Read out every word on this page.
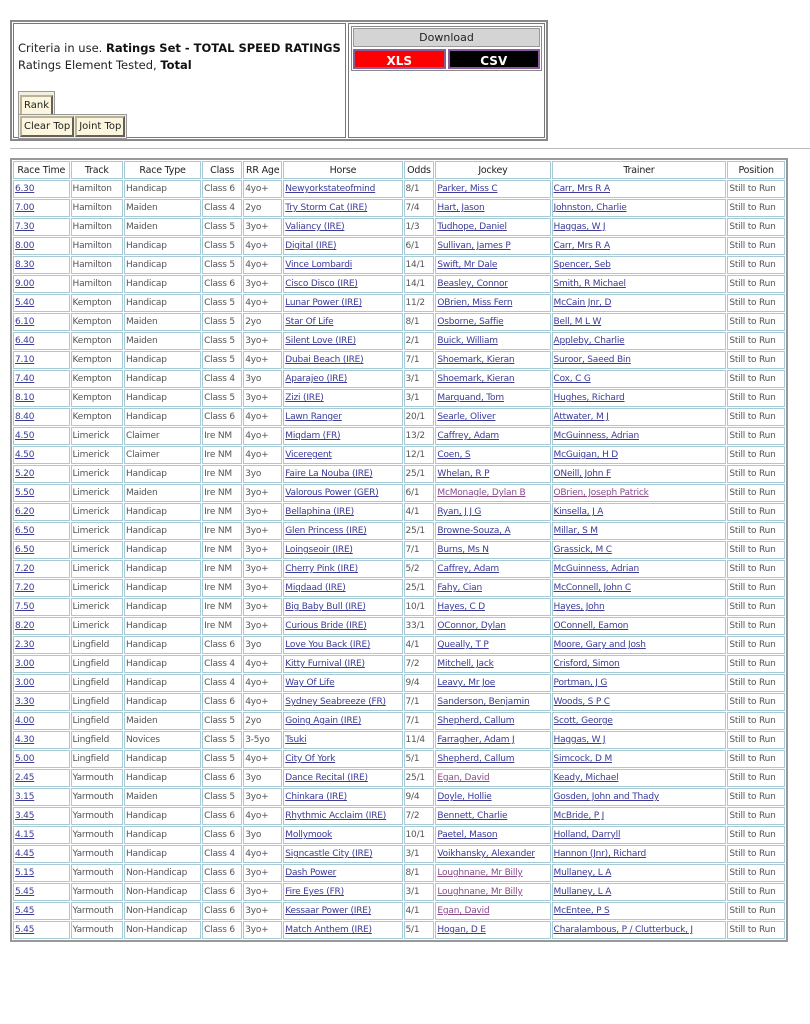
Criteria in use. Ratings Set - TOTAL SPEED RATINGS
Ratings Element Tested, Total
Rank
Clear Top Joint Top
Download
XLS	CSV
Race Time	Track	Race Type	Class	RR Age	Horse	Odds	Jockey	Trainer	Position
6.30	Hamilton	Handicap	Class 6	4yo+	Newyorkstateofmind	8/1	Parker, Miss C	Carr, Mrs R A	Still to Run
7.00	Hamilton	Maiden	Class 4	2yo	Try Storm Cat (IRE)	7/4	Hart, Jason	Johnston, Charlie	Still to Run
7.30	Hamilton	Maiden	Class 5	3yo+	Valiancy (IRE)	1/3	Tudhope, Daniel	Haggas, W J	Still to Run
8.00	Hamilton	Handicap	Class 5	4yo+	Digital (IRE)	6/1	Sullivan, James P	Carr, Mrs R A	Still to Run
8.30	Hamilton	Handicap	Class 5	4yo+	Vince Lombardi	14/1	Swift, Mr Dale	Spencer, Seb	Still to Run
9.00	Hamilton	Handicap	Class 6	3yo+	Cisco Disco (IRE)	14/1	Beasley, Connor	Smith, R Michael	Still to Run
5.40	Kempton	Handicap	Class 5	4yo+	Lunar Power (IRE)	11/2	OBrien, Miss Fern	McCain Jnr, D	Still to Run
6.10	Kempton	Maiden	Class 5	2yo	Star Of Life	8/1	Osborne, Saffie	Bell, M L W	Still to Run
6.40	Kempton	Maiden	Class 5	3yo+	Silent Love (IRE)	2/1	Buick, William	Appleby, Charlie	Still to Run
7.10	Kempton	Handicap	Class 5	4yo+	Dubai Beach (IRE)	7/1	Shoemark, Kieran	Suroor, Saeed Bin	Still to Run
7.40	Kempton	Handicap	Class 4	3yo	Aparajeo (IRE)	3/1	Shoemark, Kieran	Cox, C G	Still to Run
8.10	Kempton	Handicap	Class 5	3yo+	Zizi (IRE)	3/1	Marquand, Tom	Hughes, Richard	Still to Run
8.40	Kempton	Handicap	Class 6	4yo+	Lawn Ranger	20/1	Searle, Oliver	Attwater, M J	Still to Run
4.50	Limerick	Claimer	Ire NM	4yo+	Miqdam (FR)	13/2	Caffrey, Adam	McGuinness, Adrian	Still to Run
4.50	Limerick	Claimer	Ire NM	4yo+	Viceregent	12/1	Coen, S	McGuigan, H D	Still to Run
5.20	Limerick	Handicap	Ire NM	3yo	Faire La Nouba (IRE)	25/1	Whelan, R P	ONeill, John F	Still to Run
5.50	Limerick	Maiden	Ire NM	3yo+	Valorous Power (GER)	6/1	McMonagle, Dylan B	OBrien, Joseph Patrick	Still to Run
6.20	Limerick	Handicap	Ire NM	3yo+	Bellaphina (IRE)	4/1	Ryan, J J G	Kinsella, J A	Still to Run
6.50	Limerick	Handicap	Ire NM	3yo+	Glen Princess (IRE)	25/1	Browne-Souza, A	Millar, S M	Still to Run
6.50	Limerick	Handicap	Ire NM	3yo+	Loingseoir (IRE)	7/1	Burns, Ms N	Grassick, M C	Still to Run
7.20	Limerick	Handicap	Ire NM	3yo+	Cherry Pink (IRE)	5/2	Caffrey, Adam	McGuinness, Adrian	Still to Run
7.20	Limerick	Handicap	Ire NM	3yo+	Miqdaad (IRE)	25/1	Fahy, Cian	McConnell, John C	Still to Run
7.50	Limerick	Handicap	Ire NM	3yo+	Big Baby Bull (IRE)	10/1	Hayes, C D	Hayes, John	Still to Run
8.20	Limerick	Handicap	Ire NM	3yo+	Curious Bride (IRE)	33/1	OConnor, Dylan	OConnell, Eamon	Still to Run
2.30	Lingfield	Handicap	Class 6	3yo	Love You Back (IRE)	4/1	Queally, T P	Moore, Gary and Josh	Still to Run
3.00	Lingfield	Handicap	Class 4	4yo+	Kitty Furnival (IRE)	7/2	Mitchell, Jack	Crisford, Simon	Still to Run
3.00	Lingfield	Handicap	Class 4	4yo+	Way Of Life	9/4	Leavy, Mr Joe	Portman, J G	Still to Run
3.30	Lingfield	Handicap	Class 6	4yo+	Sydney Seabreeze (FR)	7/1	Sanderson, Benjamin	Woods, S P C	Still to Run
4.00	Lingfield	Maiden	Class 5	2yo	Going Again (IRE)	7/1	Shepherd, Callum	Scott, George	Still to Run
4.30	Lingfield	Novices	Class 5	3-5yo	Tsuki	11/4	Farragher, Adam J	Haggas, W J	Still to Run
5.00	Lingfield	Handicap	Class 5	4yo+	City Of York	5/1	Shepherd, Callum	Simcock, D M	Still to Run
2.45	Yarmouth	Handicap	Class 6	3yo	Dance Recital (IRE)	25/1	Egan, David	Keady, Michael	Still to Run
3.15	Yarmouth	Maiden	Class 5	3yo+	Chinkara (IRE)	9/4	Doyle, Hollie	Gosden, John and Thady	Still to Run
3.45	Yarmouth	Handicap	Class 6	4yo+	Rhythmic Acclaim (IRE)	7/2	Bennett, Charlie	McBride, P J	Still to Run
4.15	Yarmouth	Handicap	Class 6	3yo	Mollymook	10/1	Paetel, Mason	Holland, Darryll	Still to Run
4.45	Yarmouth	Handicap	Class 4	4yo+	Signcastle City (IRE)	3/1	Voikhansky, Alexander	Hannon (Jnr), Richard	Still to Run
5.15	Yarmouth	Non-Handicap	Class 6	3yo+	Dash Power	8/1	Loughnane, Mr Billy	Mullaney, L A	Still to Run
5.45	Yarmouth	Non-Handicap	Class 6	3yo+	Fire Eyes (FR)	3/1	Loughnane, Mr Billy	Mullaney, L A	Still to Run
5.45	Yarmouth	Non-Handicap	Class 6	3yo+	Kessaar Power (IRE)	4/1	Egan, David	McEntee, P S	Still to Run
5.45	Yarmouth	Non-Handicap	Class 6	3yo+	Match Anthem (IRE)	5/1	Hogan, D E	Charalambous, P / Clutterbuck, J	Still to Run
